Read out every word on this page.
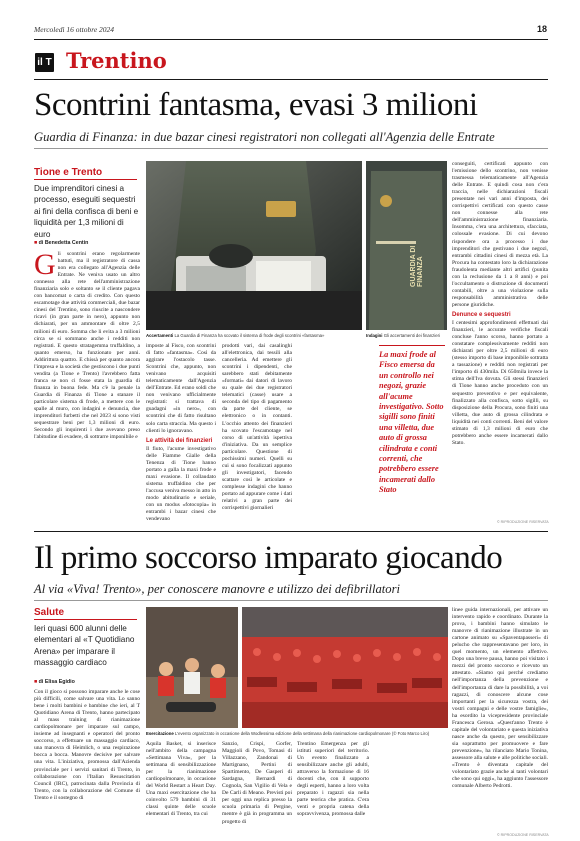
Mercoledì 16 ottobre 2024	18
il T Trentino
Scontrini fantasma, evasi 3 milioni
Guardia di Finanza: in due bazar cinesi registratori non collegati all'Agenzia delle Entrate
Tione e Trento
Due imprenditori cinesi a processo, eseguiti sequestri ai fini della confisca di beni e liquidità per 1,3 milioni di euro
■ di Benedetta Centin
G li scontrini erano regolarmente battuti, ma il registratore di cassa non era collegato all'Agenzia delle Entrate. Ne veniva usato un altro connesso alla rete dell'amministrazione finanziaria solo e soltanto se il cliente pagava con bancomat o carta di credito. Con questo escamotage due attività commerciali, due bazar cinesi del Trentino, sono riuscite a nascondere ricavi (in gran parte in nero), appunto non dichiarati, per un ammontare di oltre 2,5 milioni di euro. Somma che li evita a 3 milioni circa se si sommano anche i redditi non registrati. E questo stratagemma truffaldino, a quanto emerso, ha funzionato per anni. Addirittura quattro. E chissà per quanto ancora l'impresa e la società che gestiscono i due punti vendita (a Tione e Trento) l'avrebbero fatta franca se non ci fosse stata la guardia di finanza in buona fede. Ma c'è la penale la Guardia di Finanza di Tione a stanare il particolare sistema di frode, a mettere con le spalle al muro, con indagini e denuncia, due imprenditori furbetti che nel 2023 si sono visti sequestrare beni per 1,3 milioni di euro. Secondo gli inquirenti i due avevano preso l'abitudine di evadere, di sottrarre imponibile e

Accertamenti La Guardia di Finanza ha scovato il sistema di frode degli scontrini «fantasma»
GUARDIA DI FINANZA
Indagini Gli accertamenti dei finanzieri

imposte al Fisco, con scontrini di fatto «fantasma». Così da aggirare l'ostacolo tasse. Scontrini che, appunto, non venivano acquisiti telematicamente dall'Agenzia dell'Entrate. Ed erano soldi che non venivano ufficialmente registrati: si trattava di guadagni «in nero», con scontrini che di fatto risultano solo carta straccia. Ma questo i clienti lo ignoravano.

Le attività dei finanzieri

Il fiuto, l'acume investigativo delle Fiamme Gialle della Tenenza di Tione hanno portato a galla la maxi frode e maxi evasione. Il collaudato sistema truffaldino che per l'accusa veniva messo in atto in modo abitudinario e seriale, con un modus «fotocopia» in entrambi i bazar cinesi che vendevano

prodotti vari, dai casalinghi all'elettronica, dai tessili alla cancelleria. Ad emettere gli scontrini i dipendenti, che sarebbero stati debitamente «formati» dai datori di lavoro su quale dei due registratori telematici (casse) usare a seconda del tipo di pagamento da parte del cliente, se elettronico o in contanti. L'occhio attento dei finanzieri ha scovato l'escamotage nel corso di un'attività ispettiva d'iniziativa. Da un semplice particolare. Questione di pochissimi numeri. Quelli su cui si sono focalizzati appunto gli investigatori, facendo scattare così le articolate e complesse indagini che hanno portato ad appurare come i dati relativi a gran parte dei corrispettivi giornalieri

La maxi frode al Fisco emersa da un controllo nei negozi, grazie all'acume investigativo. Sotto sigilli sono finiti una villetta, due auto di grossa cilindrata e conti correnti, che potrebbero essere incamerati dallo Stato

conseguiti, certificati appunto con l'emissione dello scontrino, non venisse trasmessa telematicamente all'Agenzia delle Entrate. E quindi cosa non c'era traccia, nelle dichiarazioni fiscali presentate nei vari anni d'imposta, dei corrispettivi certificati con questo casse non connesse alla rete dell'amministrazione finanziaria. Insomma, c'era una architettura, sfacciata, colossale evasione. Di cui devono rispondere ora a processo i due imprenditori che gestivano i due negozi, entrambi cittadini cinesi di mezza età. La Procura ha contestato loro la dichiarazione fraudolenta mediante altri artifici (punita con la reclusione da 1 a 8 anni) e poi l'occultamento o distruzione di documenti contabili, oltre a una violazione sulla responsabilità amministrativa delle persone giuridiche.

Denunce e sequestri

I centesimi approfondimenti effettuati dai finanzieri, le accurate verifiche fiscali concluse l'anno scorso, hanno portato a constatare complessivamente redditi non dichiarati per oltre 2,5 milioni di euro (stesso importo di base imponibile sottratta a tassazione) e redditi non registrati per l'importo di 430mila. Di 650mila invece la stima dell'Iva dovuta. Gli stessi finanzieri di Tione hanno anche proceduto con un sequestro preventivo e per equivalente, finalizzato alla confisca, sotto sigilli, su disposizione della Procura, sono finiti una villetta, due auto di grossa cilindrata e liquidità nei conti correnti. Beni del valore stimato di 1,3 milioni di euro che potrebbero anche essere incamerati dallo Stato.

© RIPRODUZIONE RISERVATA
Il primo soccorso imparato giocando
Al via «Viva! Trento», per conoscere manovre e utilizzo dei defibrillatori
Salute
Ieri quasi 600 alunni delle elementari al «T Quotidiano Arena» per imparare il massaggio cardiaco
■ di Elisa Egidio

Con il gioco si possono imparare anche le cose più difficili, come salvare una vita. Lo sanno bene i molti bambini e bambine che ieri, al T Quotidiano Arena di Trento, hanno partecipato al mass training di rianimazione cardiopolmonare per imparare sul campo, insieme ad insegnanti e operatori del pronto soccorso, a effettuare un massaggio cardiaco, una manovra di Heimlich, o una respirazione bocca a bocca. Manovre decisive per salvare una vita. L'iniziativa, promossa dall'Azienda provinciale per i servizi sanitari di Trento, in collaborazione con l'Italian Resuscitation Council (IRC), patrocinata dalla Provincia di Trento, con la collaborazione del Comune di Trento e il sostegno di

Esercitazione L'evento organizzato in occasione della Wodlessima edizione della settimana della rianimazione cardiopolmonare (© Foto Marco Liro)

Aquila Basket, si inserisce nell'ambito della campagna «Settimana Viva», per la settimana di sensibilizzazione per la rianimazione cardiopolmonare, in occasione del World Restart a Heart Day. Una maxi esercitazione che ha coinvolto 579 bambini di 31 classi quinte delle scuole elementari di Trento, tra cui

Sanzio, Crispi, Gorfer, Maggioli di Povo, Tomasi di Villazzano, Zandonai di Martignano, Pertini di Spartimento, De Gasperi di Sardagna, Bernardi di Cognola, San Vigilio di Vela e De Carli di Meano. Previsti poi per oggi una replica presso la scuola primaria di Pergine, mentre è già in programma un progetto di

Trentino Emergenza per gli istituti superiori del territorio. Un evento finalizzato a sensibilizzare anche gli adulti, attraverso la formazione di 16 docenti che, con il supporto degli esperti, hanno a loro volta preparato i ragazzi sia nella parte teorica che pratica. C'era venti e propria catena della sopravvivenza, promossa dalle

linee guida internazionali, per attivare un intervento rapido e coordinato. Durante la prova, i bambini hanno simulato le manovre di rianimazione illustrate in un cartone animato su «Spaventapasseri» di pelucho che rappresentavano per loro, in quel momento, un elemento affettivo. Dopo una breve pausa, hanno poi visitato i mezzi del pronto soccorso e ricevuto un attestato. «Siamo qui perché crediamo nell'importanza della prevenzione e dell'importanza di dare la possibilità, a voi ragazzi, di conoscere alcune cose importanti per la sicurezza vostra, dei vostri compagni e delle vostre famiglie», ha esordito la vicepresidente provinciale Francesca Gerosa. «Quest'anno Trento è capitale del volontariato e questa iniziativa nasce anche da questo, per sensibilizzare sia soprattutto per promuovere e fare prevenzione», ha rilanciato Mario Tonina, assessore alla salute e alle politiche sociali. «Trento è diventata capitale del volontariato grazie anche ai tanti volontari che sono qui oggi», ha aggiunto l'assessore comunale Alberto Pedrotti.

© RIPRODUZIONE RISERVATA
